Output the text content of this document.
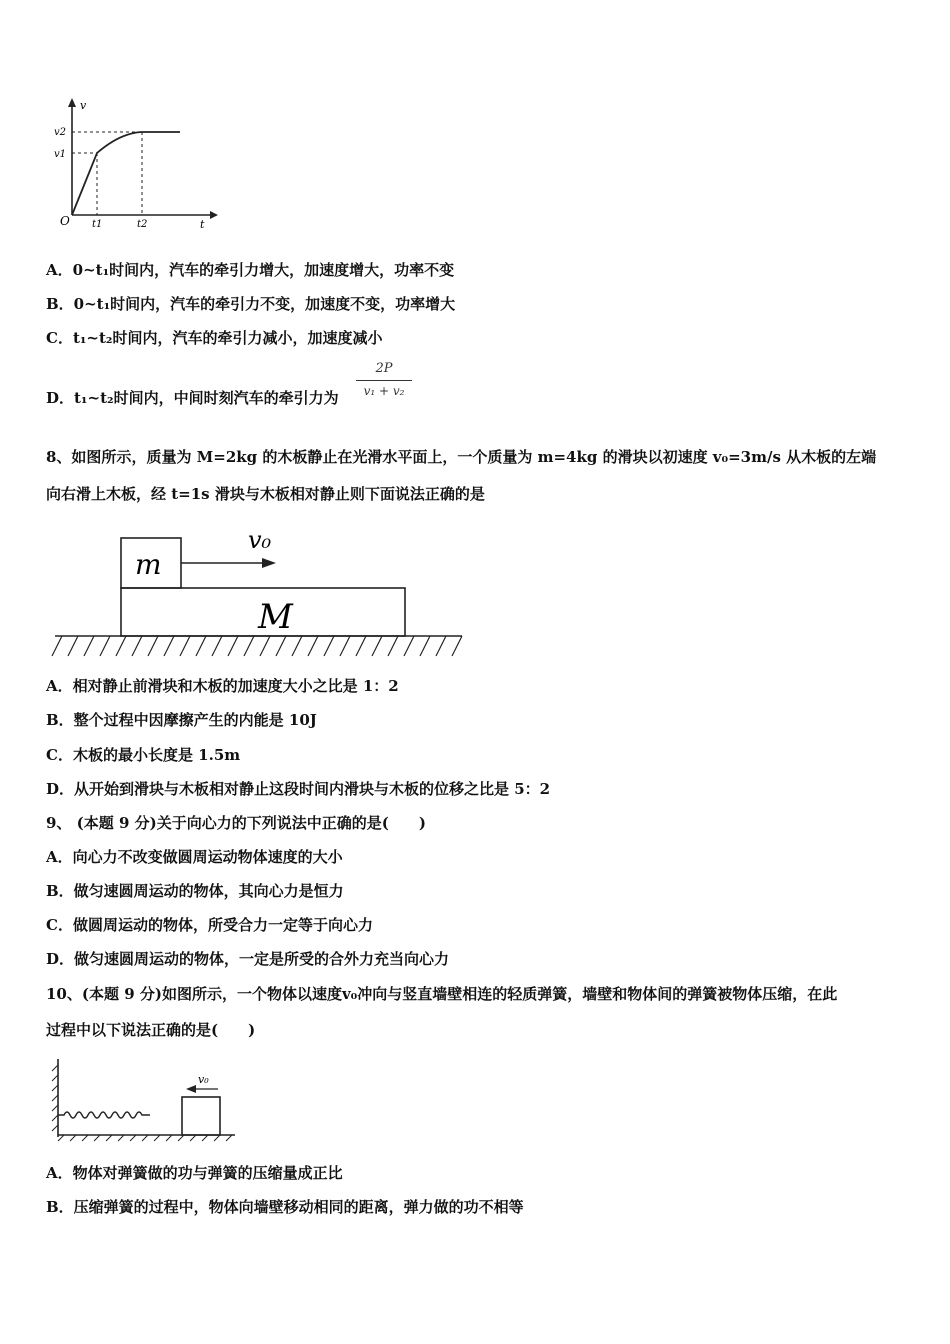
v
t
O
v1
v2
t1	t2
A．0~t₁时间内，汽车的牵引力增大，加速度增大，功率不变
B．0~t₁时间内，汽车的牵引力不变，加速度不变，功率增大
C．t₁~t₂时间内，汽车的牵引力减小，加速度减小
D．t₁~t₂时间内，中间时刻汽车的牵引力为
2P
v₁ + v₂
8、如图所示，质量为 M=2kg 的木板静止在光滑水平面上，一个质量为 m=4kg 的滑块以初速度 v₀=3m/s 从木板的左端
向右滑上木板，经 t=1s 滑块与木板相对静止则下面说法正确的是
m
M
v₀
A．相对静止前滑块和木板的加速度大小之比是 1：2
B．整个过程中因摩擦产生的内能是 10J
C．木板的最小长度是 1.5m
D．从开始到滑块与木板相对静止这段时间内滑块与木板的位移之比是 5：2
9、 (本题 9 分)关于向心力的下列说法中正确的是(　　)
A．向心力不改变做圆周运动物体速度的大小
B．做匀速圆周运动的物体，其向心力是恒力
C．做圆周运动的物体，所受合力一定等于向心力
D．做匀速圆周运动的物体，一定是所受的合外力充当向心力
10、(本题 9 分)如图所示，一个物体以速度v₀冲向与竖直墙壁相连的轻质弹簧，墙壁和物体间的弹簧被物体压缩，在此
过程中以下说法正确的是(　　)
v₀
A．物体对弹簧做的功与弹簧的压缩量成正比
B．压缩弹簧的过程中，物体向墙壁移动相同的距离，弹力做的功不相等
